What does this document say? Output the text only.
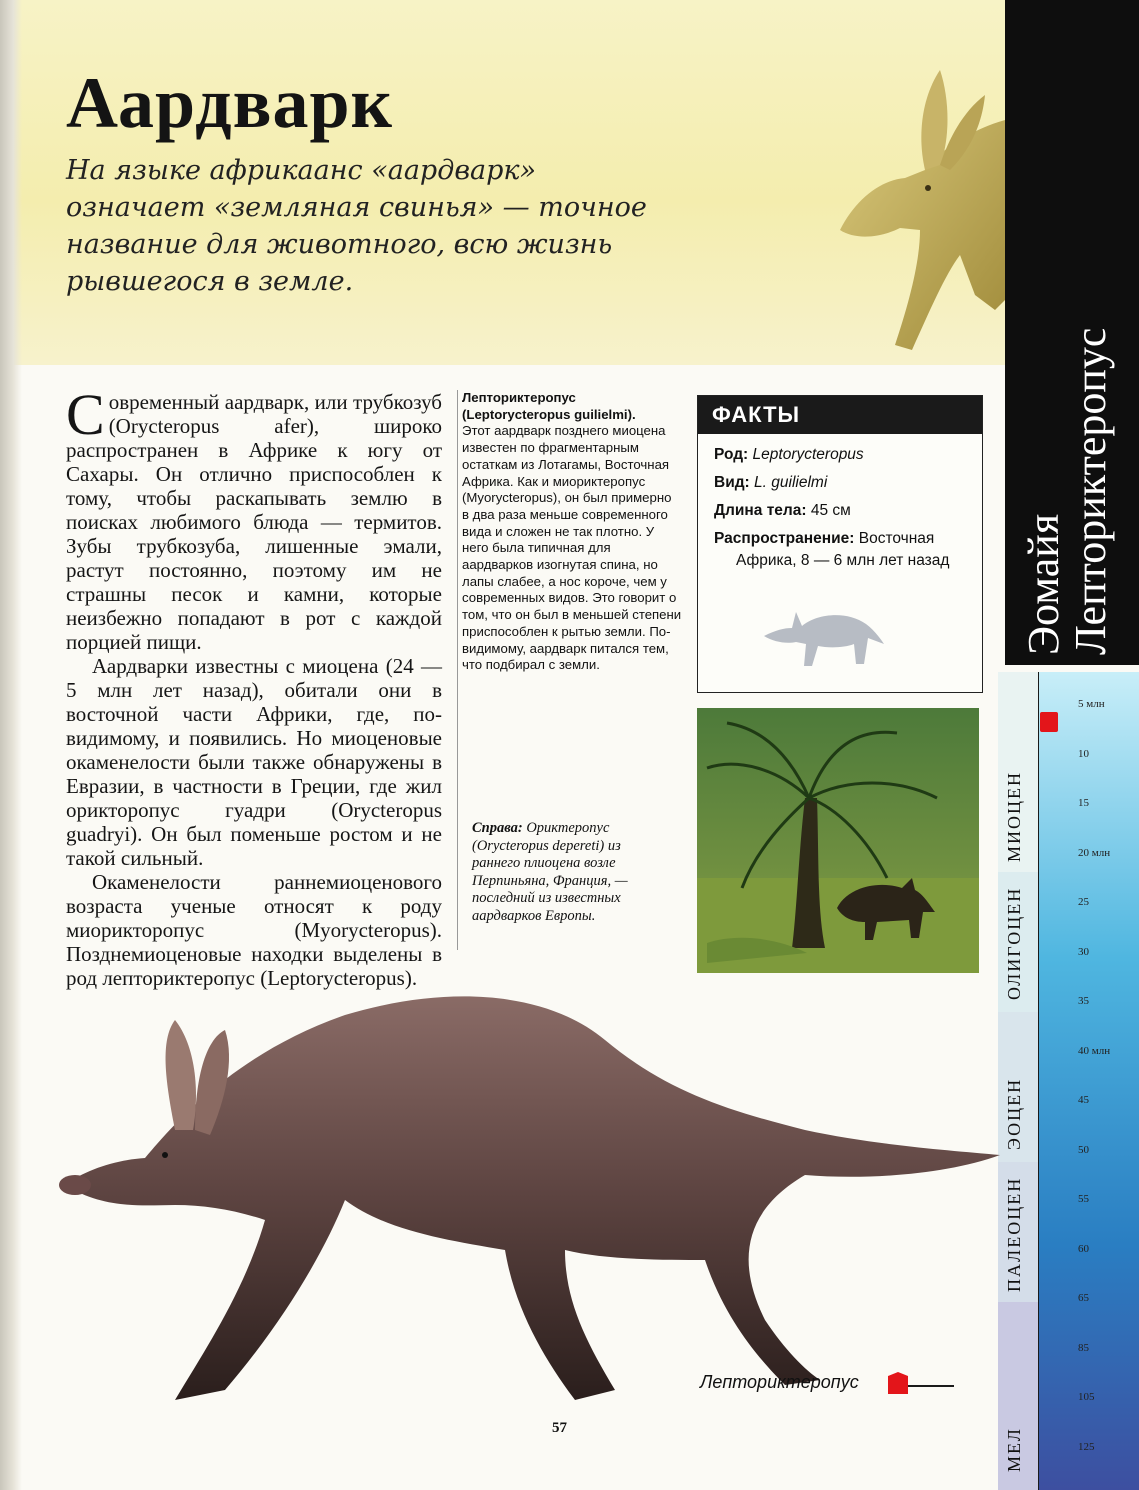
Аардварк

На языке африкаанс «аардварк» означает «земляная свинья» — точное название для животного, всю жизнь рывшегося в земле.

Современный аардварк, или трубкозуб (Orycteropus afer), широко распространен в Африке к югу от Сахары. Он отлично приспособлен к тому, чтобы раскапывать землю в поисках любимого блюда — термитов. Зубы трубкозуба, лишенные эмали, растут постоянно, поэтому им не страшны песок и камни, которые неизбежно попадают в рот с каждой порцией пищи.

Аардварки известны с миоцена (24 — 5 млн лет назад), обитали они в восточной части Африки, где, по-видимому, и появились. Но миоценовые окаменелости были также обнаружены в Евразии, в частности в Греции, где жил орикторопус гуадри (Orycteropus guadryi). Он был поменьше ростом и не такой сильный.

Окаменелости раннемиоценового возраста ученые относят к роду миорикторопус (Myorycteropus). Позднемиоценовые находки выделены в род лепториктеропус (Leptorycteropus).

Лепториктеропус (Leptorycteropus guilielmi).

Этот аардварк позднего миоцена известен по фрагментарным остаткам из Лотагамы, Восточная Африка. Как и миориктеропус (Myorycteropus), он был примерно в два раза меньше современного вида и сложен не так плотно. У него была типичная для аардварков изогнутая спина, но лапы слабее, а нос короче, чем у современных видов. Это говорит о том, что он был в меньшей степени приспособлен к рытью земли. По-видимому, аардварк питался тем, что подбирал с земли.

Справа: Ориктеропус (Orycteropus depereti) из раннего плиоцена возле Перпиньяна, Франция, — последний из известных аардварков Европы.
ФАКТЫ
Род: Leptorycteropus
Вид: L. guilielmi
Длина тела: 45 см
Распространение: Восточная
Африка, 8 — 6 млн лет назад	Эомайя
Лепториктеропус
МИОЦЕН
ОЛИГОЦЕН
ЭОЦЕН
ПАЛЕОЦЕН
МЕЛ
5 млн
10
15
20 млн
25
30
35
40 млн
45
50
55
60
65
85
105
125
Лепториктеропус
57
